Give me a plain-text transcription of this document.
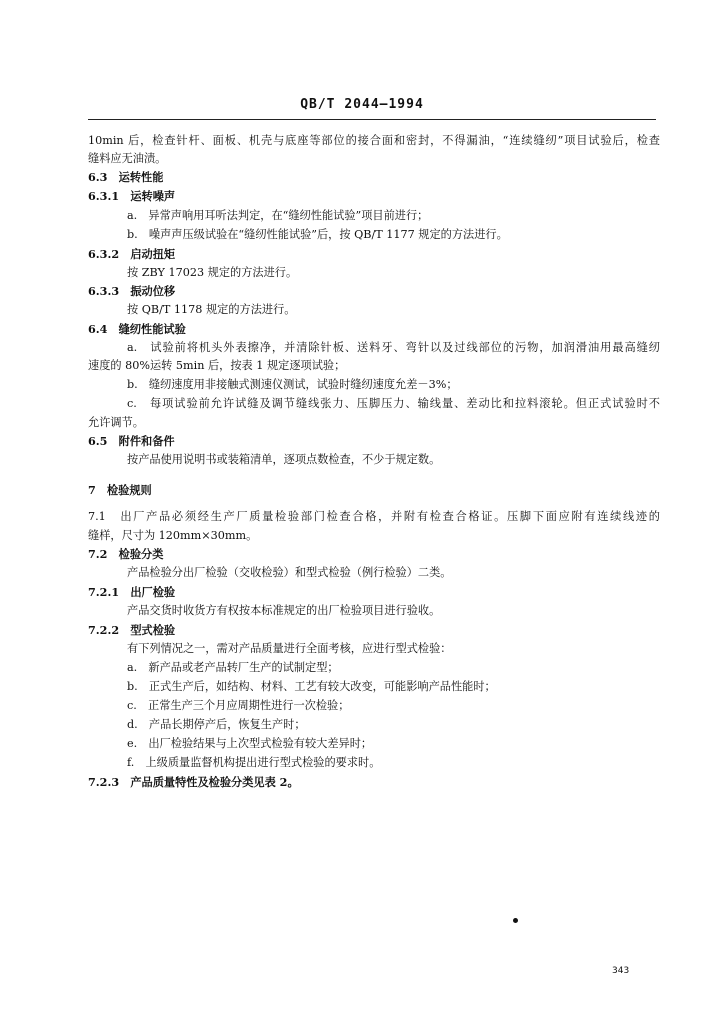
QB/T 2044—1994
10min 后，检查针杆、面板、机壳与底座等部位的接合面和密封，不得漏油，“连续缝纫”项目试验后，检查
缝料应无油渍。
6.3　运转性能
6.3.1　运转噪声
a.　异常声响用耳听法判定，在“缝纫性能试验”项目前进行；
b.　噪声声压级试验在“缝纫性能试验”后，按 QB/T 1177 规定的方法进行。
6.3.2　启动扭矩
按 ZBY 17023 规定的方法进行。
6.3.3　振动位移
按 QB/T 1178 规定的方法进行。
6.4　缝纫性能试验
a.　试验前将机头外表擦净，并清除针板、送料牙、弯针以及过线部位的污物，加润滑油用最高缝纫
速度的 80%运转 5min 后，按表 1 规定逐项试验；
b.　缝纫速度用非接触式测速仪测试，试验时缝纫速度允差－3%；
c.　每项试验前允许试缝及调节缝线张力、压脚压力、输线量、差动比和拉料滚轮。但正式试验时不
允许调节。
6.5　附件和备件
按产品使用说明书或装箱清单，逐项点数检查，不少于规定数。
7　检验规则
7.1　出厂产品必须经生产厂质量检验部门检查合格，并附有检查合格证。压脚下面应附有连续线迹的
缝样，尺寸为 120mm×30mm。
7.2　检验分类
产品检验分出厂检验（交收检验）和型式检验（例行检验）二类。
7.2.1　出厂检验
产品交货时收货方有权按本标准规定的出厂检验项目进行验收。
7.2.2　型式检验
有下列情况之一，需对产品质量进行全面考核，应进行型式检验：
a.　新产品或老产品转厂生产的试制定型；
b.　正式生产后，如结构、材料、工艺有较大改变，可能影响产品性能时；
c.　正常生产三个月应周期性进行一次检验；
d.　产品长期停产后，恢复生产时；
e.　出厂检验结果与上次型式检验有较大差异时；
f.　上级质量监督机构提出进行型式检验的要求时。
7.2.3　产品质量特性及检验分类见表 2。
343
